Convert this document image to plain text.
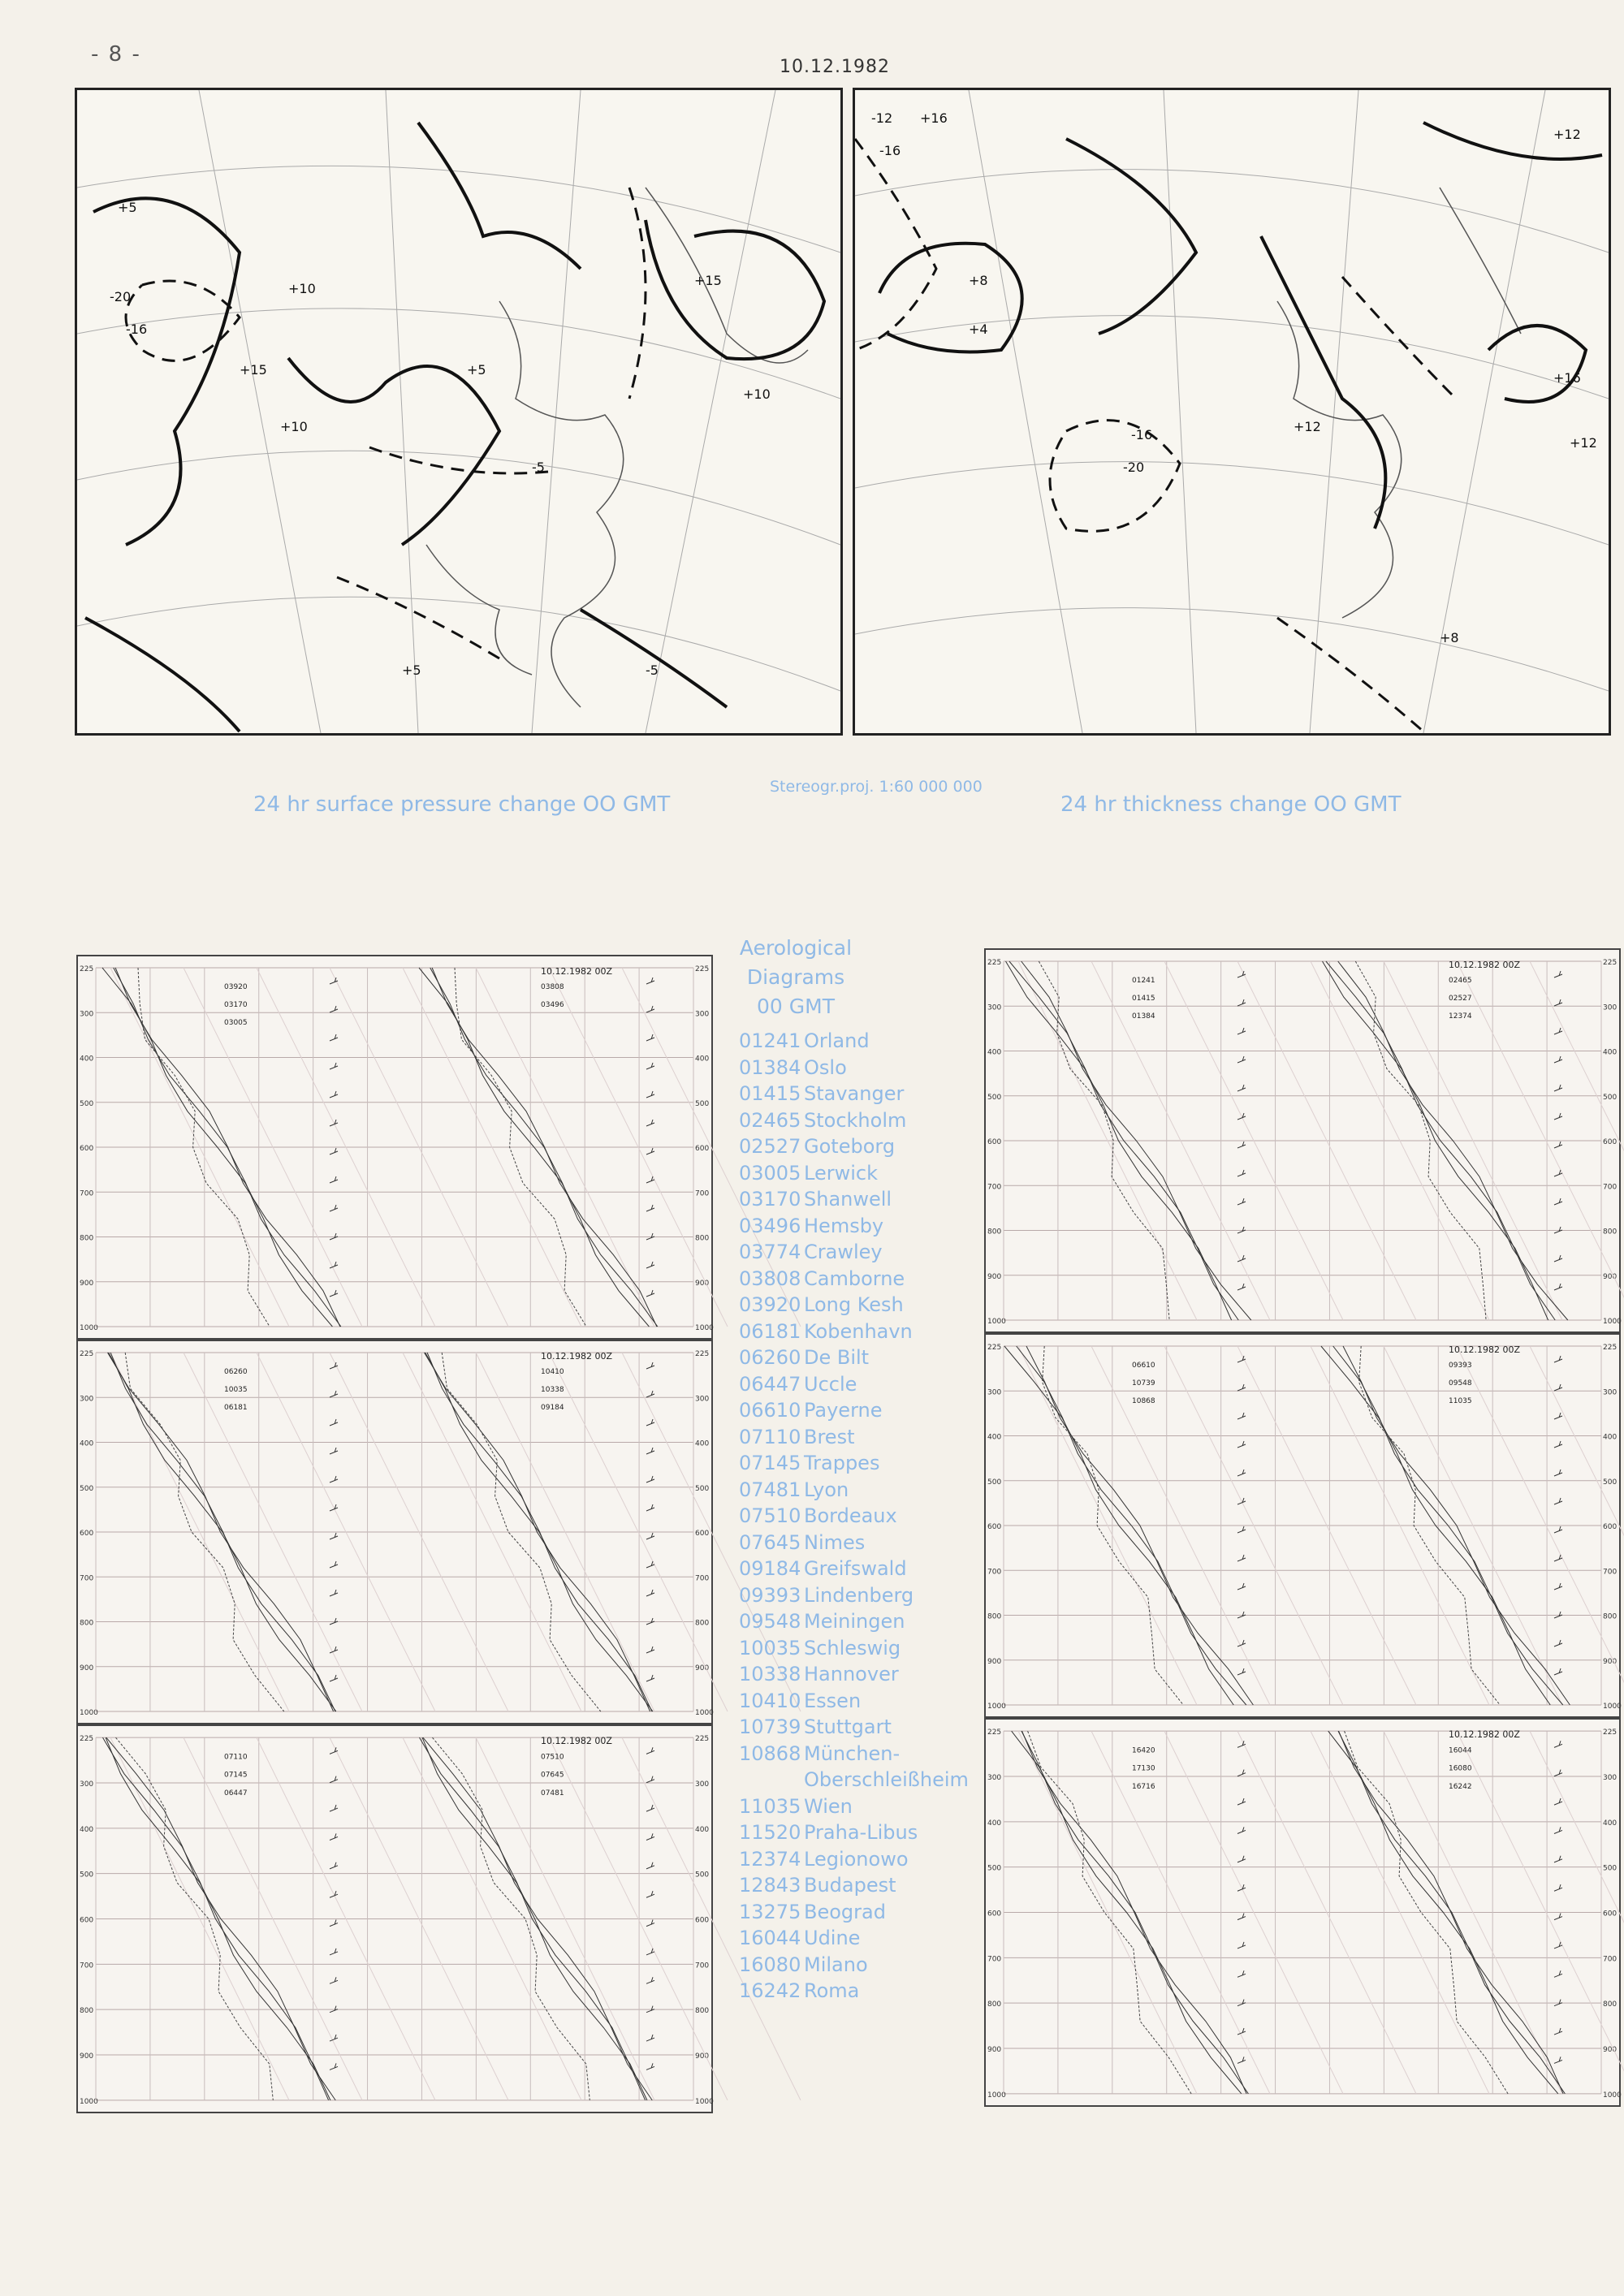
- 8 -
10.12.1982
+5
-20
-16
+10
+15
+10
+5
-5
+10
+5	-5
+15
-12
-16
+16
+8
+4
-16
-20
+12
+16
+12
+8
+12
24 hr surface pressure change OO GMT
Stereogr.proj. 1:60 000 000
24 hr thickness change OO GMT
225	225
300	300
400	400
500	500
600	600
700	700
800	800
900	900
1000	1000
03920
03170
03005
03808
03496
10.12.1982 00Z
225	225
300	300
400	400
500	500
600	600
700	700
800	800
900	900
1000	1000
06260
10035
06181
10410
10338
09184
10.12.1982 00Z
225	225
300	300
400	400
500	500
600	600
700	700
800	800
900	900
1000	1000
07110
07145
06447
07510
07645
07481
10.12.1982 00Z
225	225
300	300
400	400
500	500
600	600
700	700
800	800
900	900
1000	1000
01241
01415
01384
02465
02527
12374
10.12.1982 00Z
225	225
300	300
400	400
500	500
600	600
700	700
800	800
900	900
1000	1000
06610
10739
10868
09393
09548
11035
10.12.1982 00Z
225	225
300	300
400	400
500	500
600	600
700	700
800	800
900	900
1000	1000
16420
17130
16716
16044
16080
16242
10.12.1982 00Z
Aerological
Diagrams
00 GMT
01241 Orland
01384 Oslo
01415 Stavanger
02465 Stockholm
02527 Goteborg
03005 Lerwick
03170 Shanwell
03496 Hemsby
03774 Crawley
03808 Camborne
03920 Long Kesh
06181 Kobenhavn
06260 De Bilt
06447 Uccle
06610 Payerne
07110 Brest
07145 Trappes
07481 Lyon
07510 Bordeaux
07645 Nimes
09184 Greifswald
09393 Lindenberg
09548 Meiningen
10035 Schleswig
10338 Hannover
10410 Essen
10739 Stuttgart
10868 München-
Oberschleißheim
11035 Wien
11520 Praha-Libus
12374 Legionowo
12843 Budapest
13275 Beograd
16044 Udine
16080 Milano
16242 Roma
